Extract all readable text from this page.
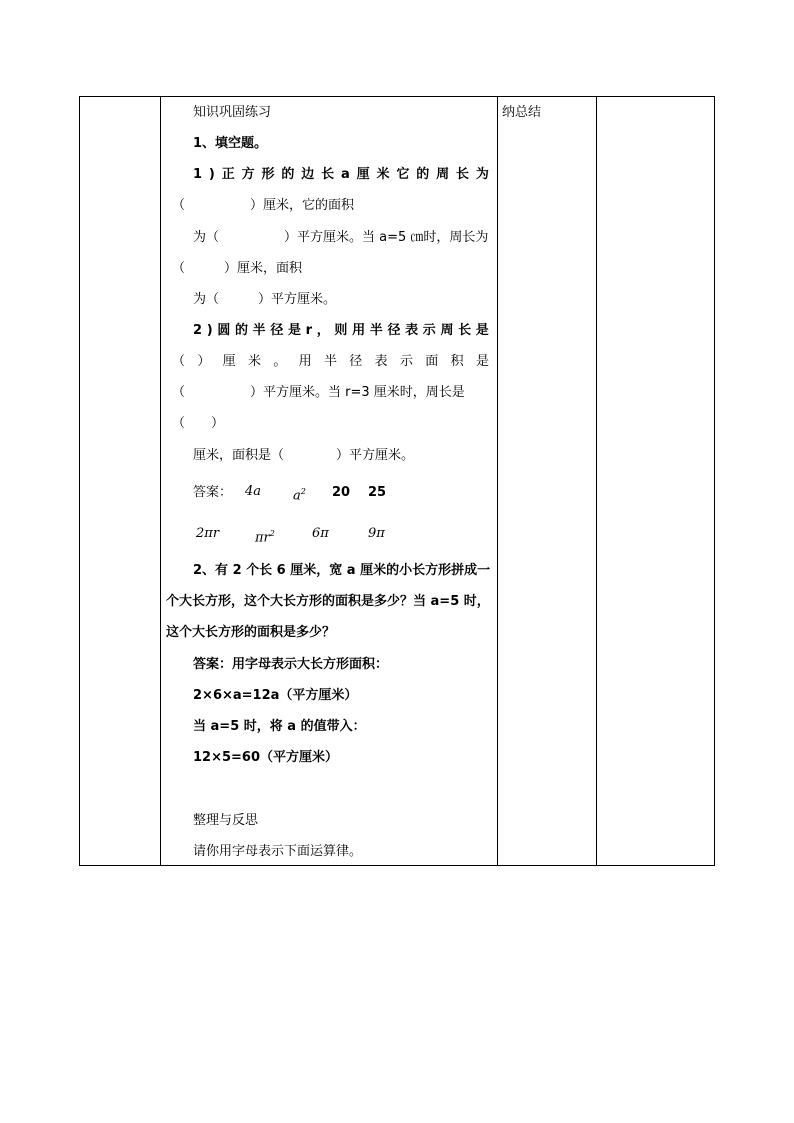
知识巩固练习	纳总结
1、填空题。
1 ) 正 方 形 的 边 长 a 厘 米 它 的 周 长 为
（　　　　　）厘米，它的面积
为（　　　　　）平方厘米。当 a=5 ㎝时，周长为
（　　　）厘米，面积
为（　　　）平方厘米。
2 ) 圆 的 半 径 是 r ， 则 用 半 径 表 示 周 长 是
（ ） 厘 米 。 用 半 径 表 示 面 积 是
（　　　　　）平方厘米。当 r=3 厘米时，周长是
（　　）
厘米，面积是（　　　　）平方厘米。
答案： 4a $a^2$ 20 25
2πr	$\pi r^2$	6π	9π
2、有 2 个长 6 厘米，宽 a 厘米的小长方形拼成一
个大长方形，这个大长方形的面积是多少？当 a=5 时，
这个大长方形的面积是多少？
答案：用字母表示大长方形面积：
2×6×a=12a（平方厘米）
当 a=5 时，将 a 的值带入：
12×5=60（平方厘米）
整理与反思
请你用字母表示下面运算律。
